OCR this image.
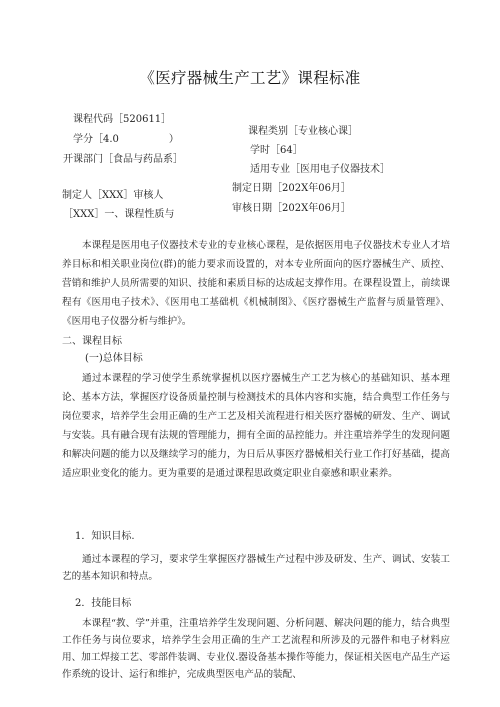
《医疗器械生产工艺》课程标准
课程代码［520611］
学分［4.0　　　　　）
开课部门［食品与药品系］
制定人［XXX］审核人
［XXX］一、课程性质与
课程类别［专业核心课］
学时［64］
适用专业［医用电子仪器技术］
制定日期［202X年06月］
审核日期［202X年06月］

本课程是医用电子仪器技术专业的专业核心课程，是依据医用电子仪器技术专业人才培养目标和相关职业岗位(群)的能力要求而设置的，对本专业所面向的医疗器械生产、质控、营销和维护人员所需要的知识、技能和素质目标的达成起支撑作用。在课程设置上，前续课程有《医用电子技术》、《医用电工基础机《机械制图》、《医疗器械生产监督与质量管理》、《医用电子仪器分析与维护》。

二、课程目标
(一)总体目标

通过本课程的学习使学生系统掌握机以医疗器械生产工艺为核心的基础知识、基本理论、基本方法，掌握医疗设备质量控制与检测技术的具体内容和实施，结合典型工作任务与岗位要求，培养学生会用正确的生产工艺及相关流程进行相关医疗器械的研发、生产、调试与安装。具有融合现有法规的管理能力，拥有全面的品控能力。并注重培养学生的发现问题和解决问题的能力以及继续学习的能力，为日后从事医疗器械相关行业工作打好基础，提高适应职业变化的能力。更为重要的是通过课程思政奠定职业自豪感和职业素养。

1．知识目标.

通过本课程的学习，要求学生掌握医疗器械生产过程中涉及研发、生产、调试、安装工艺的基本知识和特点。

2．技能目标

本课程“教、学”并重，注重培养学生发现问题、分析问题、解决问题的能力，结合典型工作任务与岗位要求，培养学生会用正确的生产工艺流程和所涉及的元器件和电子材料应用、加工焊接工艺、零部件装调、专业仪.器设备基本操作等能力，保证相关医电产品生产运作系统的设计、运行和维护，完成典型医电产品的装配、
